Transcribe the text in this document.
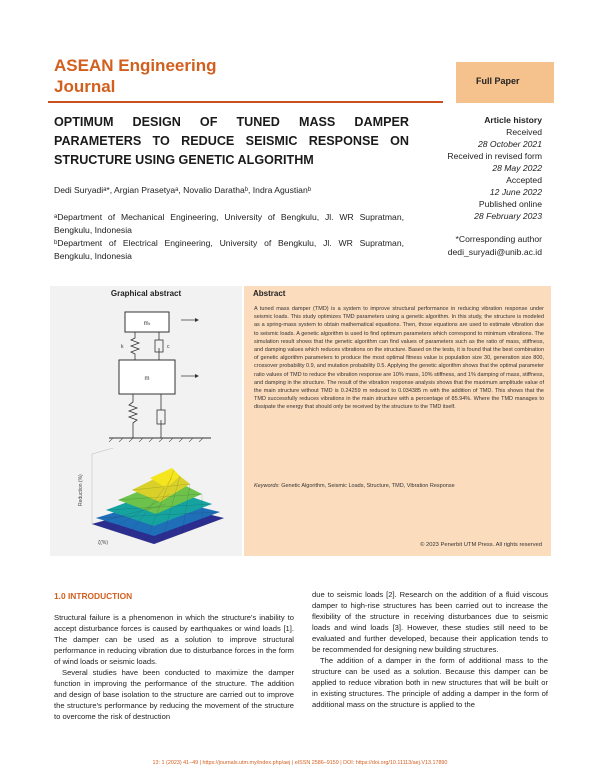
ASEAN Engineering
Journal	Full Paper
OPTIMUM DESIGN OF TUNED MASS DAMPER PARAMETERS TO REDUCE SEISMIC RESPONSE ON STRUCTURE USING GENETIC ALGORITHM
Dedi Suryadiᵃ*, Argian Prasetyaᵃ, Novalio Darathaᵇ, Indra Agustianᵇ
ᵃDepartment of Mechanical Engineering, University of Bengkulu, Jl. WR Supratman, Bengkulu, Indonesia
ᵇDepartment of Electrical Engineering, University of Bengkulu, Jl. WR Supratman, Bengkulu, Indonesia
Article history
Received
28 October 2021
Received in revised form
28 May 2022
Accepted
12 June 2022
Published online
28 February 2023
*Corresponding author
dedi_suryadi@unib.ac.id
Graphical abstract
mₜ
m
k	c
Reduction (%)
ζ(%)
Abstract
A tuned mass damper (TMD) is a system to improve structural performance in reducing vibration response under seismic loads. This study optimizes TMD parameters using a genetic algorithm. In this study, the structure is modeled as a spring-mass system to obtain mathematical equations. Then, those equations are used to estimate vibration due to seismic loads. A genetic algorithm is used to find optimum parameters which correspond to minimum vibrations. The simulation result shows that the genetic algorithm can find values of parameters such as the ratio of mass, stiffness, and damping values which reduces vibrations on the structure. Based on the tests, it is found that the best combination of genetic algorithm parameters to produce the most optimal fitness value is population size 30, generation size 800, crossover probability 0.9, and mutation probability 0.5. Applying the genetic algorithm shows that the optimal parameter ratio values of TMD to reduce the vibration response are 10% mass, 10% stiffness, and 1% damping of mass, stiffness, and damping in the structure. The result of the vibration response analysis shows that the maximum amplitude value of the main structure without TMD is 0.24259 m reduced to 0.034385 m with the addition of TMD. This shows that the TMD successfully reduces vibrations in the main structure with a percentage of 85.94%. Where the TMD manages to dissipate the energy that should only be received by the structure to the TMD itself.
Keywords: Genetic Algorithm, Seismic Loads, Structure, TMD, Vibration Response
© 2023 Penerbit UTM Press. All rights reserved
1.0 INTRODUCTION

Structural failure is a phenomenon in which the structure's inability to accept disturbance forces is caused by earthquakes or wind loads [1]. The damper can be used as a solution to improve structural performance in reducing vibration due to disturbance forces in the form of wind loads or seismic loads.

Several studies have been conducted to maximize the damper function in improving the performance of the structure. The addition and design of base isolation to the structure are carried out to improve the structure's performance by reducing the movement of the structure to overcome the risk of destruction

due to seismic loads [2]. Research on the addition of a fluid viscous damper to high-rise structures has been carried out to increase the flexibility of the structure in receiving disturbances due to seismic loads and wind loads [3]. However, these studies still need to be evaluated and further developed, because their application tends to be recommended for designing new building structures.

The addition of a damper in the form of additional mass to the structure can be used as a solution. Because this damper can be applied to reduce vibration both in new structures that will be built or in existing structures. The principle of adding a damper in the form of additional mass on the structure is applied to the

13: 1 (2023) 41–49 | https://journals.utm.my/index.php/aej | eISSN 2586–9159 | DOI: https://doi.org/10.11113/aej.V13.17890
